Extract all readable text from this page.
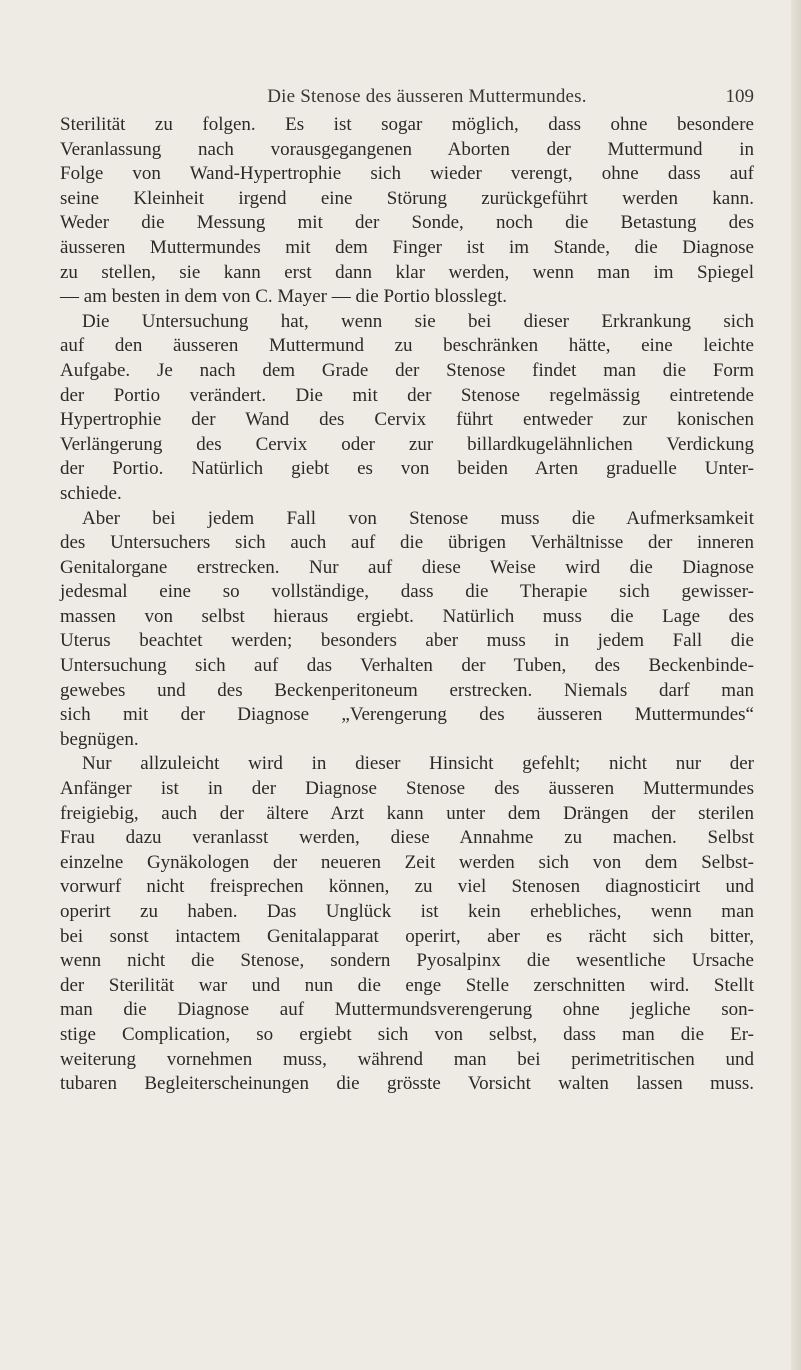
Die Stenose des äusseren Muttermundes.	109
Sterilität zu folgen. Es ist sogar möglich, dass ohne besondere
Veranlassung nach vorausgegangenen Aborten der Muttermund in
Folge von Wand-Hypertrophie sich wieder verengt, ohne dass auf
seine Kleinheit irgend eine Störung zurückgeführt werden kann.
Weder die Messung mit der Sonde, noch die Betastung des
äusseren Muttermundes mit dem Finger ist im Stande, die Diagnose
zu stellen, sie kann erst dann klar werden, wenn man im Spiegel
— am besten in dem von C. Mayer — die Portio blosslegt.
Die Untersuchung hat, wenn sie bei dieser Erkrankung sich
auf den äusseren Muttermund zu beschränken hätte, eine leichte
Aufgabe. Je nach dem Grade der Stenose findet man die Form
der Portio verändert. Die mit der Stenose regelmässig eintretende
Hypertrophie der Wand des Cervix führt entweder zur konischen
Verlängerung des Cervix oder zur billardkugelähnlichen Verdickung
der Portio. Natürlich giebt es von beiden Arten graduelle Unter-
schiede.
Aber bei jedem Fall von Stenose muss die Aufmerksamkeit
des Untersuchers sich auch auf die übrigen Verhältnisse der inneren
Genitalorgane erstrecken. Nur auf diese Weise wird die Diagnose
jedesmal eine so vollständige, dass die Therapie sich gewisser-
massen von selbst hieraus ergiebt. Natürlich muss die Lage des
Uterus beachtet werden; besonders aber muss in jedem Fall die
Untersuchung sich auf das Verhalten der Tuben, des Beckenbinde-
gewebes und des Beckenperitoneum erstrecken. Niemals darf man
sich mit der Diagnose „Verengerung des äusseren Muttermundes“
begnügen.
Nur allzuleicht wird in dieser Hinsicht gefehlt; nicht nur der
Anfänger ist in der Diagnose Stenose des äusseren Muttermundes
freigiebig, auch der ältere Arzt kann unter dem Drängen der sterilen
Frau dazu veranlasst werden, diese Annahme zu machen. Selbst
einzelne Gynäkologen der neueren Zeit werden sich von dem Selbst-
vorwurf nicht freisprechen können, zu viel Stenosen diagnosticirt und
operirt zu haben. Das Unglück ist kein erhebliches, wenn man
bei sonst intactem Genitalapparat operirt, aber es rächt sich bitter,
wenn nicht die Stenose, sondern Pyosalpinx die wesentliche Ursache
der Sterilität war und nun die enge Stelle zerschnitten wird. Stellt
man die Diagnose auf Muttermundsverengerung ohne jegliche son-
stige Complication, so ergiebt sich von selbst, dass man die Er-
weiterung vornehmen muss, während man bei perimetritischen und
tubaren Begleiterscheinungen die grösste Vorsicht walten lassen muss.
